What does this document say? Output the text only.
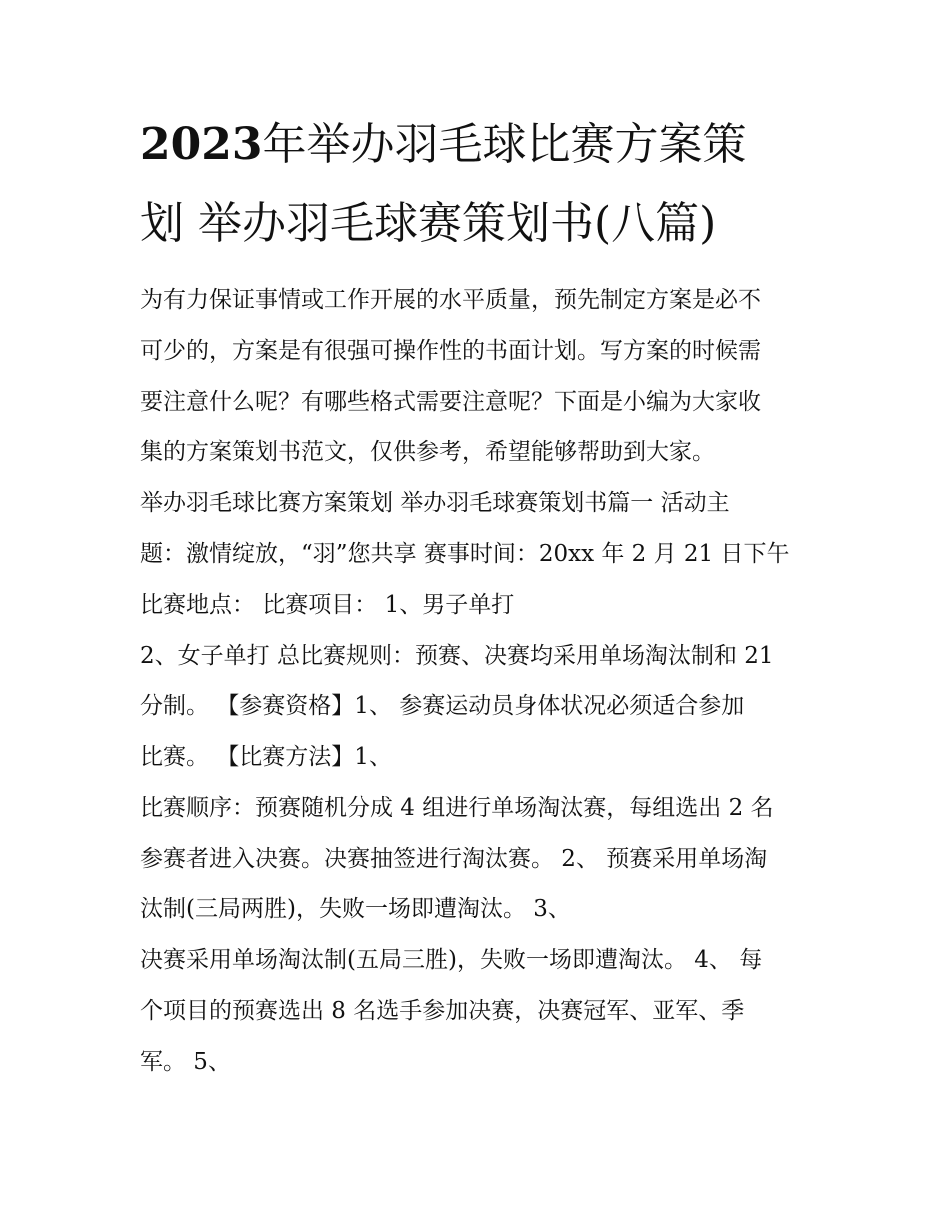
2023年举办羽毛球比赛方案策
划 举办羽毛球赛策划书(八篇)
为有力保证事情或工作开展的水平质量，预先制定方案是必不
可少的，方案是有很强可操作性的书面计划。写方案的时候需
要注意什么呢？有哪些格式需要注意呢？下面是小编为大家收
集的方案策划书范文，仅供参考，希望能够帮助到大家。
举办羽毛球比赛方案策划 举办羽毛球赛策划书篇一 活动主
题：激情绽放，“羽”您共享 赛事时间：20xx 年 2 月 21 日下午
比赛地点： 比赛项目： 1、男子单打
2、女子单打 总比赛规则：预赛、决赛均采用单场淘汰制和 21
分制。 【参赛资格】1、 参赛运动员身体状况必须适合参加
比赛。 【比赛方法】1、
比赛顺序：预赛随机分成 4 组进行单场淘汰赛，每组选出 2 名
参赛者进入决赛。决赛抽签进行淘汰赛。 2、 预赛采用单场淘
汰制(三局两胜)，失败一场即遭淘汰。 3、
决赛采用单场淘汰制(五局三胜)，失败一场即遭淘汰。 4、 每
个项目的预赛选出 8 名选手参加决赛，决赛冠军、亚军、季
军。 5、
